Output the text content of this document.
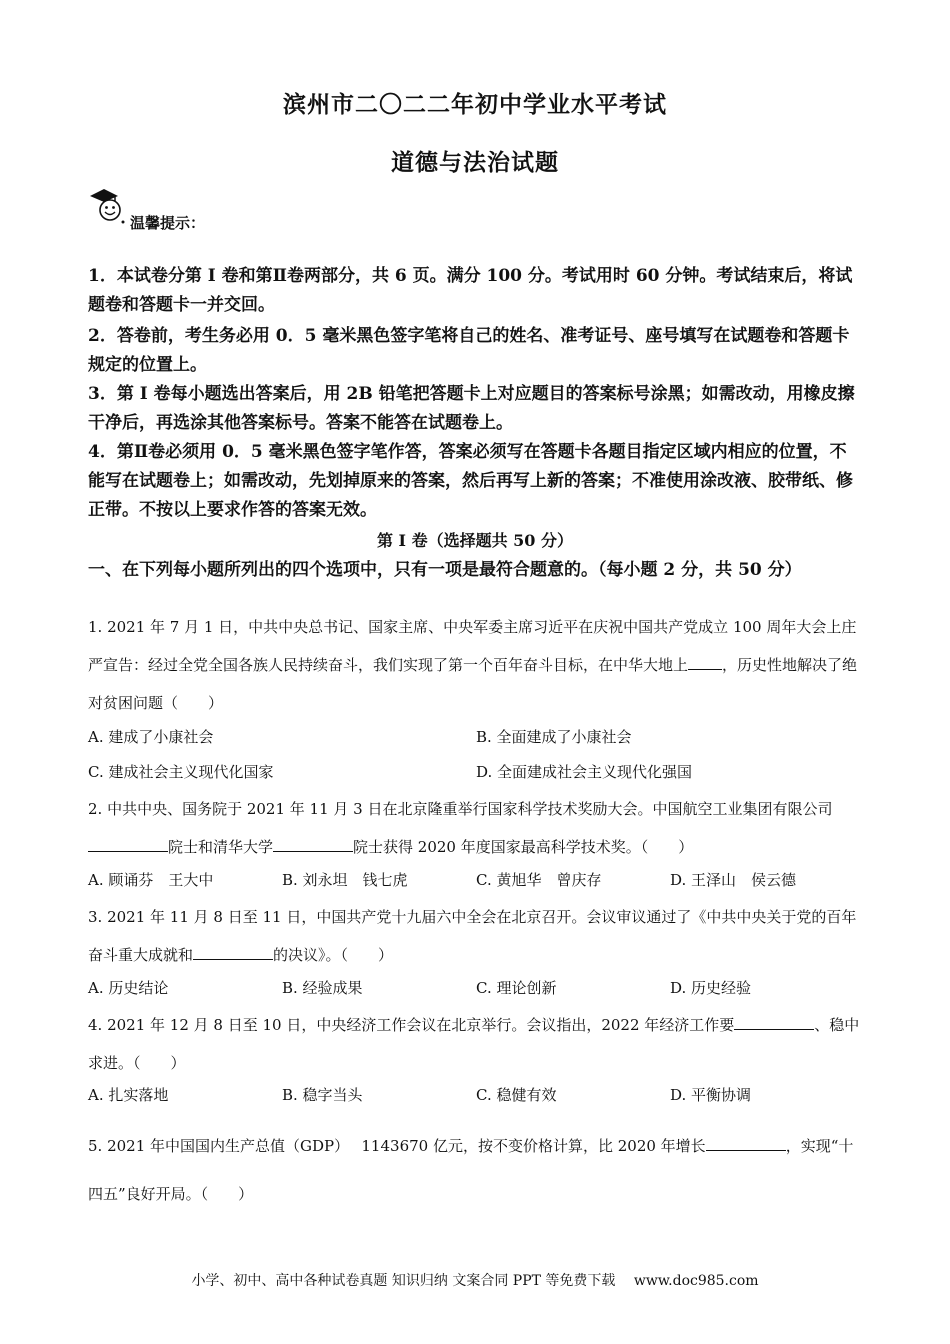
滨州市二〇二二年初中学业水平考试
道德与法治试题
温馨提示：
1．本试卷分第 I 卷和第Ⅱ卷两部分，共 6 页。满分 100 分。考试用时 60 分钟。考试结束后，将试题卷和答题卡一并交回。
2．答卷前，考生务必用 0．5 毫米黑色签字笔将自己的姓名、准考证号、座号填写在试题卷和答题卡规定的位置上。
3．第 I 卷每小题选出答案后，用 2B 铅笔把答题卡上对应题目的答案标号涂黑；如需改动，用橡皮擦干净后，再选涂其他答案标号。答案不能答在试题卷上。
4．第Ⅱ卷必须用 0．5 毫米黑色签字笔作答，答案必须写在答题卡各题目指定区域内相应的位置，不能写在试题卷上；如需改动，先划掉原来的答案，然后再写上新的答案；不准使用涂改液、胶带纸、修正带。不按以上要求作答的答案无效。
第 I 卷（选择题共 50 分）
一、在下列每小题所列出的四个选项中，只有一项是最符合题意的。（每小题 2 分，共 50 分）
1. 2021 年 7 月 1 日，中共中央总书记、国家主席、中央军委主席习近平在庆祝中国共产党成立 100 周年大会上庄严宣告：经过全党全国各族人民持续奋斗，我们实现了第一个百年奋斗目标，在中华大地上 ，历史性地解决了绝对贫困问题（　　）
A. 建成了小康社会	B. 全面建成了小康社会
C. 建成社会主义现代化国家	D. 全面建成社会主义现代化强国
2. 中共中央、国务院于 2021 年 11 月 3 日在北京隆重举行国家科学技术奖励大会。中国航空工业集团有限公司院士和清华大学	院士获得 2020 年度国家最高科学技术奖。（　　）
A. 顾诵芬　王大中	B. 刘永坦　钱七虎	C. 黄旭华　曾庆存	D. 王泽山　侯云德
3. 2021 年 11 月 8 日至 11 日，中国共产党十九届六中全会在北京召开。会议审议通过了《中共中央关于党的百年奋斗重大成就和	的决议》。（　　）
A. 历史结论	B. 经验成果	C. 理论创新	D. 历史经验
4. 2021 年 12 月 8 日至 10 日，中央经济工作会议在北京举行。会议指出，2022 年经济工作要	、稳中求进。（　　）
A. 扎实落地	B. 稳字当头	C. 稳健有效	D. 平衡协调
5. 2021 年中国国内生产总值（GDP）　 1143670 亿元，按不变价格计算，比 2020 年增长	，实现“十四五”良好开局。（　　）
小学、初中、高中各种试卷真题 知识归纳 文案合同 PPT 等免费下载　 www.doc985.com
